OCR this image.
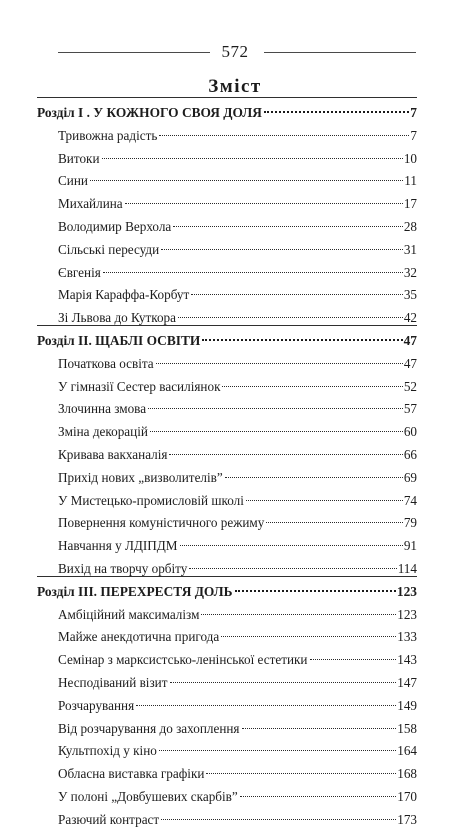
572
Зміст
Розділ І . У КОЖНОГО СВОЯ ДОЛЯ	7
Тривожна радість	7
Витоки	10
Сини	11
Михайлина	17
Володимир Верхола	28
Сільські пересуди	31
Євгенія	32
Марія Караффа-Корбут	35
Зі Львова до Куткора	42
Розділ ІІ. ЩАБЛІ ОСВІТИ	47
Початкова освіта	47
У гімназії Сестер василіянок	52
Злочинна змова	57
Зміна декорацій	60
Кривава вакханалія	66
Прихід нових „визволителів”	69
У Мистецько-промисловій школі	74
Повернення комуністичного режиму	79
Навчання у ЛДІПДМ	91
Вихід на творчу орбіту	114
Розділ ІІІ. ПЕРЕХРЕСТЯ ДОЛЬ	123
Амбіційний максималізм	123
Майже анекдотична пригода	133
Семінар з марксистсько-ленінської естетики	143
Несподіваний візит	147
Розчарування	149
Від розчарування до захоплення	158
Культпохід у кіно	164
Обласна виставка графіки	168
У полоні „Довбушевих скарбів”	170
Разючий контраст	173
